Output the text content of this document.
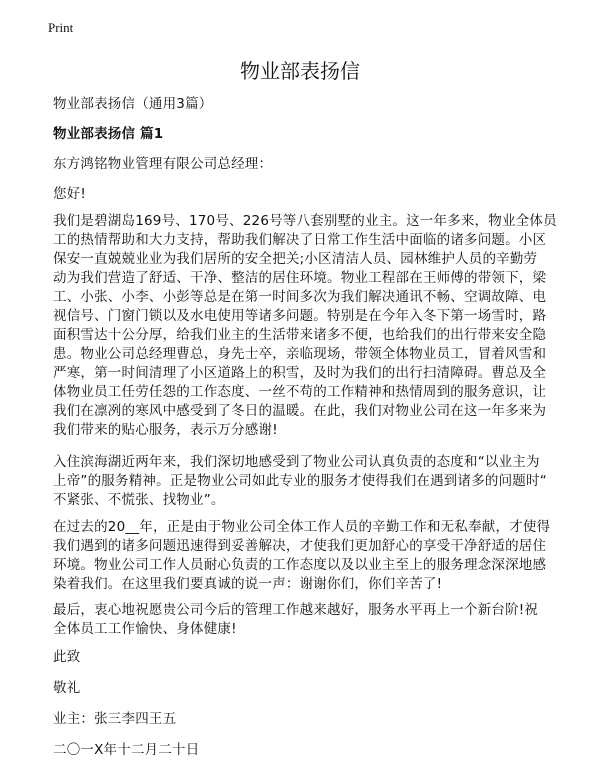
Print
物业部表扬信
物业部表扬信（通用3篇）
物业部表扬信 篇1
东方鸿铭物业管理有限公司总经理：
您好!
我们是碧湖岛169号、170号、226号等八套别墅的业主。这一年多来，物业全体员
工的热情帮助和大力支持，帮助我们解决了日常工作生活中面临的诸多问题。小区
保安一直兢兢业业为我们居所的安全把关;小区清洁人员、园林维护人员的辛勤劳
动为我们营造了舒适、干净、整洁的居住环境。物业工程部在王师傅的带领下，梁
工、小张、小李、小彭等总是在第一时间多次为我们解决通讯不畅、空调故障、电
视信号、门窗门锁以及水电使用等诸多问题。特别是在今年入冬下第一场雪时，路
面积雪达十公分厚，给我们业主的生活带来诸多不便，也给我们的出行带来安全隐
患。物业公司总经理曹总，身先士卒，亲临现场，带领全体物业员工，冒着风雪和
严寒，第一时间清理了小区道路上的积雪，及时为我们的出行扫清障碍。曹总及全
体物业员工任劳任怨的工作态度、一丝不苟的工作精神和热情周到的服务意识，让
我们在凛冽的寒风中感受到了冬日的温暖。在此，我们对物业公司在这一年多来为
我们带来的贴心服务，表示万分感谢!
入住滨海湖近两年来，我们深切地感受到了物业公司认真负责的态度和“以业主为
上帝”的服务精神。正是物业公司如此专业的服务才使得我们在遇到诸多的问题时“
不紧张、不慌张、找物业”。
在过去的20__年，正是由于物业公司全体工作人员的辛勤工作和无私奉献，才使得
我们遇到的诸多问题迅速得到妥善解决，才使我们更加舒心的享受干净舒适的居住
环境。物业公司工作人员耐心负责的工作态度以及以业主至上的服务理念深深地感
染着我们。在这里我们要真诚的说一声：谢谢你们，你们辛苦了!
最后，衷心地祝愿贵公司今后的管理工作越来越好，服务水平再上一个新台阶!祝
全体员工工作愉快、身体健康!
此致
敬礼
业主：张三李四王五
二〇一X年十二月二十日
